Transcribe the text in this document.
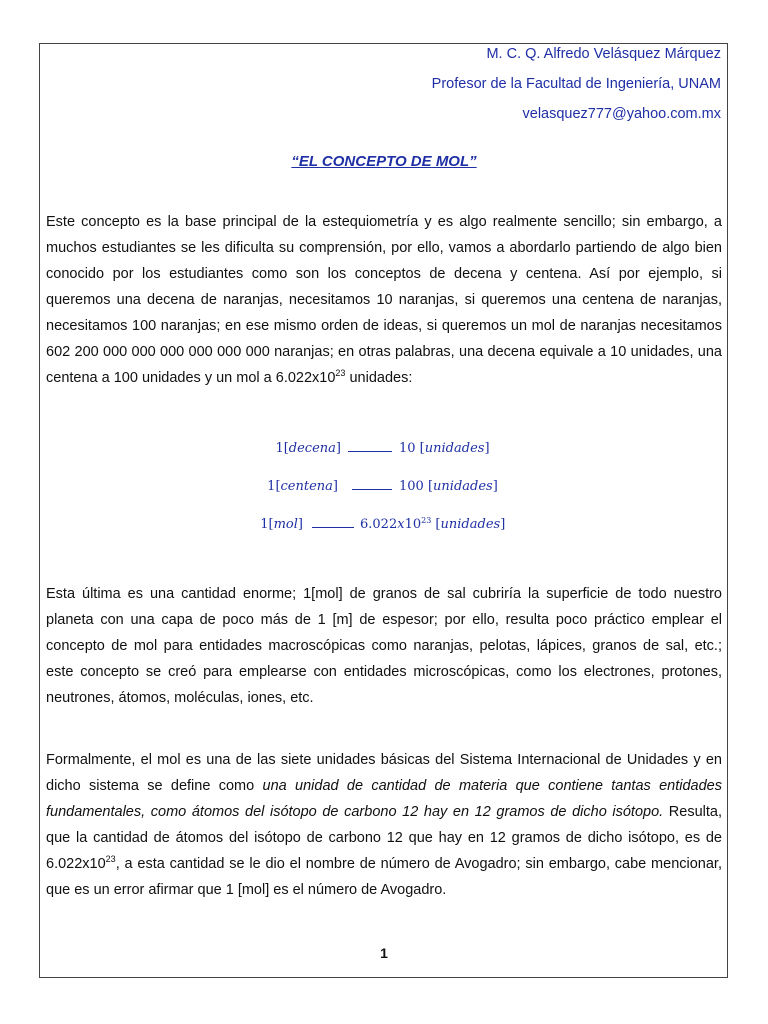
M. C. Q. Alfredo Velásquez Márquez
Profesor de la Facultad de Ingeniería, UNAM
velasquez777@yahoo.com.mx
“EL CONCEPTO DE MOL”

Este concepto es la base principal de la estequiometría y es algo realmente sencillo; sin embargo, a muchos estudiantes se les dificulta su comprensión, por ello, vamos a abordarlo partiendo de algo bien conocido por los estudiantes como son los conceptos de decena y centena. Así por ejemplo, si queremos una decena de naranjas, necesitamos 10 naranjas, si queremos una centena de naranjas, necesitamos 100 naranjas; en ese mismo orden de ideas, si queremos un mol de naranjas necesitamos 602 200 000 000 000 000 000 000 naranjas; en otras palabras, una decena equivale a 10 unidades, una centena a 100 unidades y un mol a $6.022x10^{23}$ unidades:

1[decena]	10 [unidades]
1[centena]	100 [unidades]
1[mol]	$6.022x10^{23}$ [unidades]

Esta última es una cantidad enorme; 1[mol] de granos de sal cubriría la superficie de todo nuestro planeta con una capa de poco más de 1 [m] de espesor; por ello, resulta poco práctico emplear el concepto de mol para entidades macroscópicas como naranjas, pelotas, lápices, granos de sal, etc.; este concepto se creó para emplearse con entidades microscópicas, como los electrones, protones, neutrones, átomos, moléculas, iones, etc.

Formalmente, el mol es una de las siete unidades básicas del Sistema Internacional de Unidades y en dicho sistema se define como una unidad de cantidad de materia que contiene tantas entidades fundamentales, como átomos del isótopo de carbono 12 hay en 12 gramos de dicho isótopo. Resulta, que la cantidad de átomos del isótopo de carbono 12 que hay en 12 gramos de dicho isótopo, es de $6.022x10^{23}$, a esta cantidad se le dio el nombre de número de Avogadro; sin embargo, cabe mencionar, que es un error afirmar que 1 [mol] es el número de Avogadro.

1
